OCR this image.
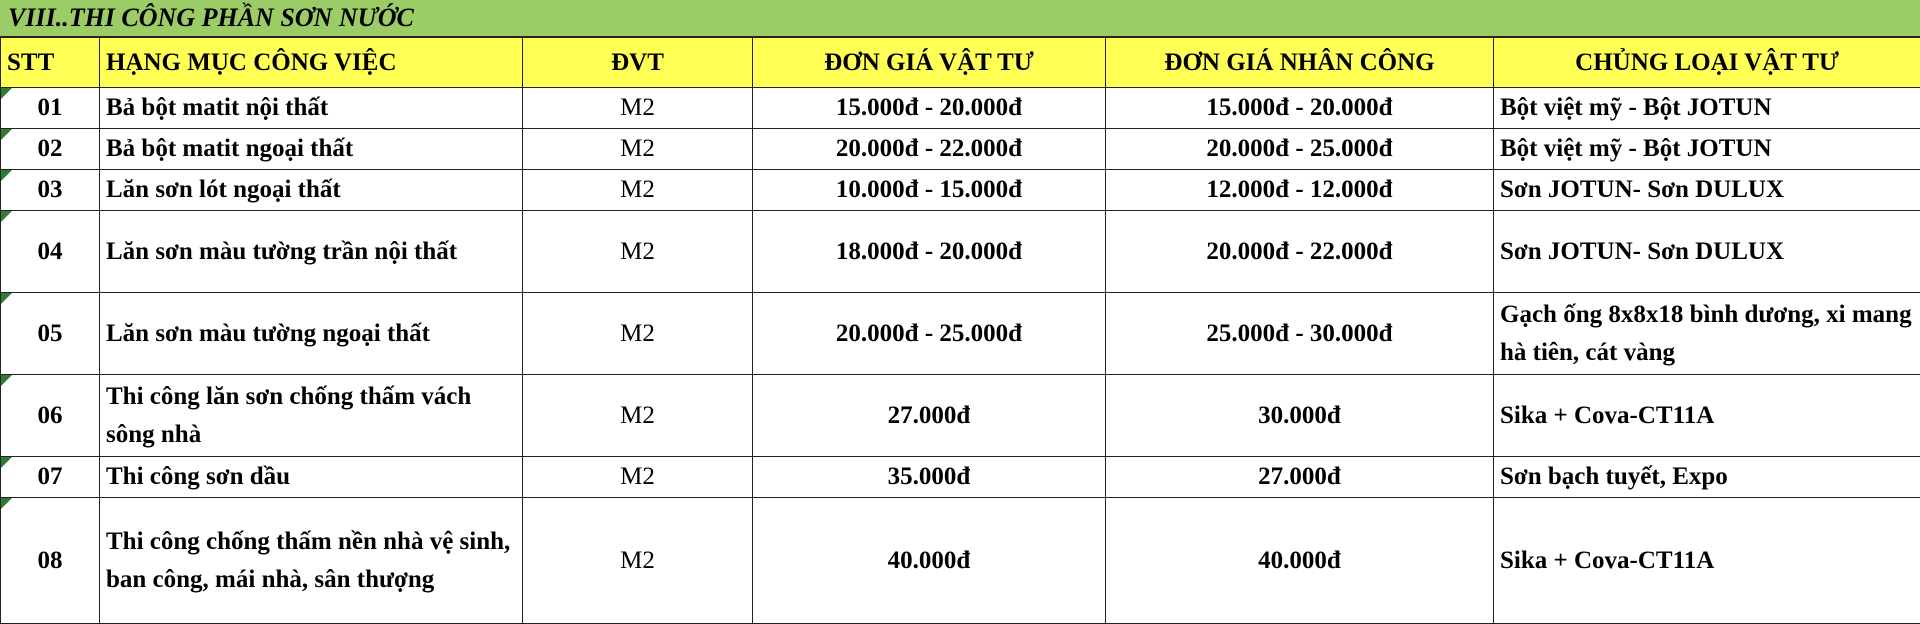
VIII..THI CÔNG PHẦN SƠN NƯỚC
STT	HẠNG MỤC CÔNG VIỆC	ĐVT	ĐƠN GIÁ VẬT TƯ	ĐƠN GIÁ NHÂN CÔNG	CHỦNG LOẠI VẬT TƯ

01	Bả bột matit nội thất	M2	15.000đ - 20.000đ	15.000đ - 20.000đ	Bột việt mỹ - Bột JOTUN

02	Bả bột matit ngoại thất	M2	20.000đ - 22.000đ	20.000đ - 25.000đ	Bột việt mỹ - Bột JOTUN

03	Lăn sơn lót ngoại thất	M2	10.000đ - 15.000đ	12.000đ - 12.000đ	Sơn JOTUN- Sơn DULUX

04	Lăn sơn màu tường trần nội thất	M2	18.000đ - 20.000đ	20.000đ - 22.000đ	Sơn JOTUN- Sơn DULUX

05	Lăn sơn màu tường ngoại thất	M2	20.000đ - 25.000đ	25.000đ - 30.000đ	Gạch ống 8x8x18 bình dương, xi mang hà tiên, cát vàng

06	Thi công lăn sơn chống thấm vách sông nhà	M2	27.000đ	30.000đ	Sika + Cova-CT11A

07	Thi công sơn dầu	M2	35.000đ	27.000đ	Sơn bạch tuyết, Expo

08	Thi công chống thấm nền nhà vệ sinh, ban công, mái nhà, sân thượng	M2	40.000đ	40.000đ	Sika + Cova-CT11A
